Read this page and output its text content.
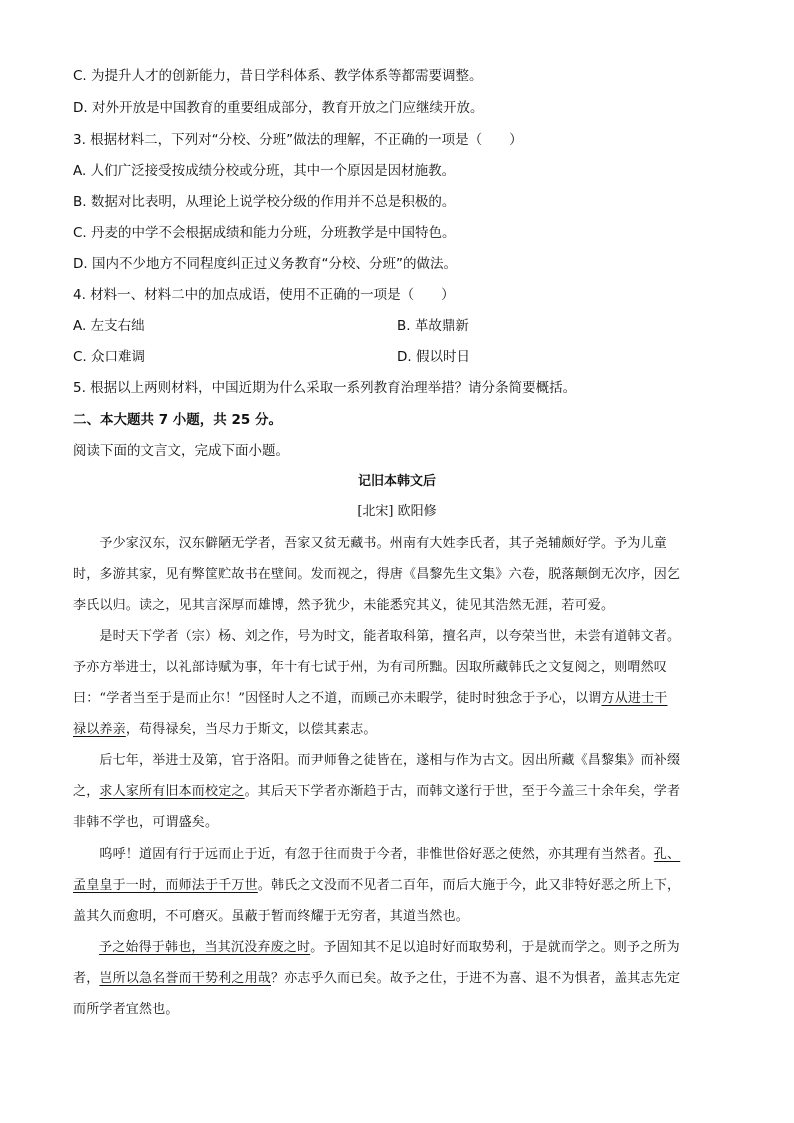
C. 为提升人才的创新能力，昔日学科体系、教学体系等都需要调整。
D. 对外开放是中国教育的重要组成部分，教育开放之门应继续开放。
3. 根据材料二，下列对“分校、分班”做法的理解，不正确的一项是（　　）
A. 人们广泛接受按成绩分校或分班，其中一个原因是因材施教。
B. 数据对比表明，从理论上说学校分级的作用并不总是积极的。
C. 丹麦的中学不会根据成绩和能力分班，分班教学是中国特色。
D. 国内不少地方不同程度纠正过义务教育“分校、分班”的做法。
4. 材料一、材料二中的加点成语，使用不正确的一项是（　　）
A. 左支右绌	B. 革故鼎新
C. 众口难调	D. 假以时日
5. 根据以上两则材料，中国近期为什么采取一系列教育治理举措？请分条简要概括。
二、本大题共 7 小题，共 25 分。
阅读下面的文言文，完成下面小题。
记旧本韩文后
[北宋] 欧阳修
　　予少家汉东，汉东僻陋无学者，吾家又贫无藏书。州南有大姓李氏者，其子尧辅颇好学。予为儿童
时，多游其家，见有弊筐贮故书在壁间。发而视之，得唐《昌黎先生文集》六卷，脱落颠倒无次序，因乞
李氏以归。读之，见其言深厚而雄博，然予犹少，未能悉究其义，徒见其浩然无涯，若可爱。
　　是时天下学者（宗）杨、刘之作，号为时文，能者取科第，擅名声，以夸荣当世，未尝有道韩文者。
予亦方举进士，以礼部诗赋为事，年十有七试于州，为有司所黜。因取所藏韩氏之文复阅之，则喟然叹
曰：“学者当至于是而止尔！”因怪时人之不道，而顾己亦未暇学，徒时时独念于予心，以谓方从进士干
禄以养亲，苟得禄矣，当尽力于斯文，以偿其素志。
　　后七年，举进士及第，官于洛阳。而尹师鲁之徒皆在，遂相与作为古文。因出所藏《昌黎集》而补缀
之，求人家所有旧本而校定之。其后天下学者亦渐趋于古，而韩文遂行于世，至于今盖三十余年矣，学者
非韩不学也，可谓盛矣。
　　呜呼！道固有行于远而止于近，有忽于往而贵于今者，非惟世俗好恶之使然，亦其理有当然者。孔、
孟皇皇于一时，而师法于千万世。韩氏之文没而不见者二百年，而后大施于今，此又非特好恶之所上下，
盖其久而愈明，不可磨灭。虽蔽于暂而终耀于无穷者，其道当然也。
予之始得于韩也，当其沉没弃废之时。予固知其不足以追时好而取势利，于是就而学之。则予之所为
者，岂所以急名誉而干势利之用哉？亦志乎久而已矣。故予之仕，于进不为喜、退不为惧者，盖其志先定
而所学者宜然也。
